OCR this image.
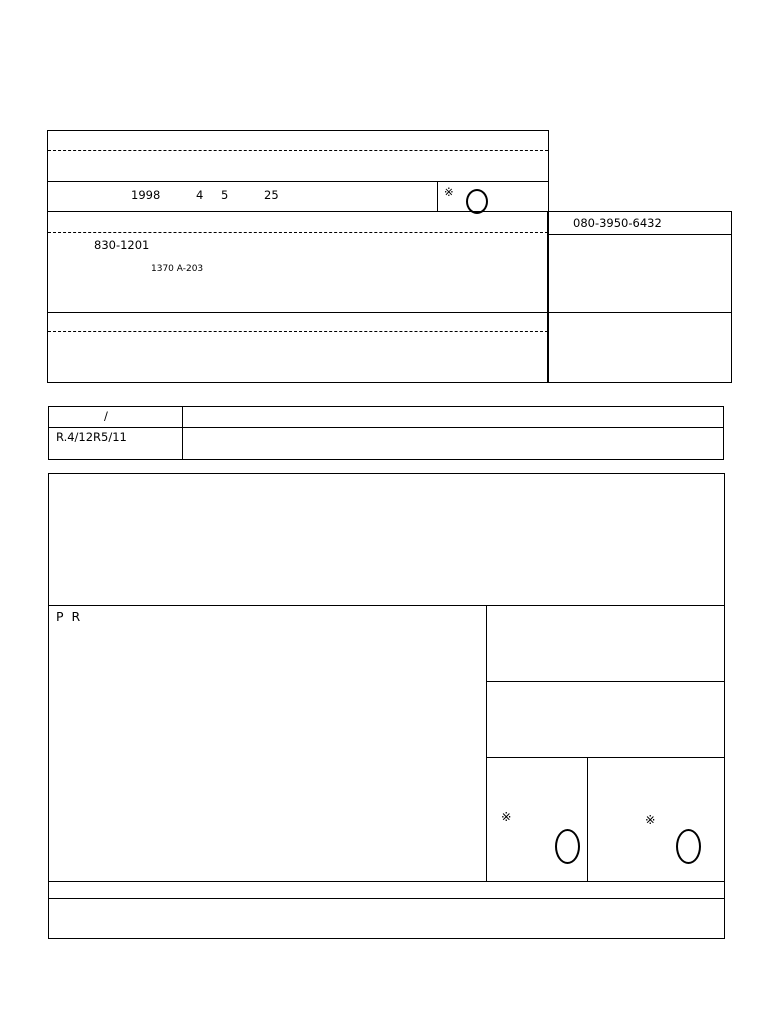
1998	4 5	25	※
830-1201
1370 A-203
080-3950-6432
/
R.4/12R5/11
P R
※	※
